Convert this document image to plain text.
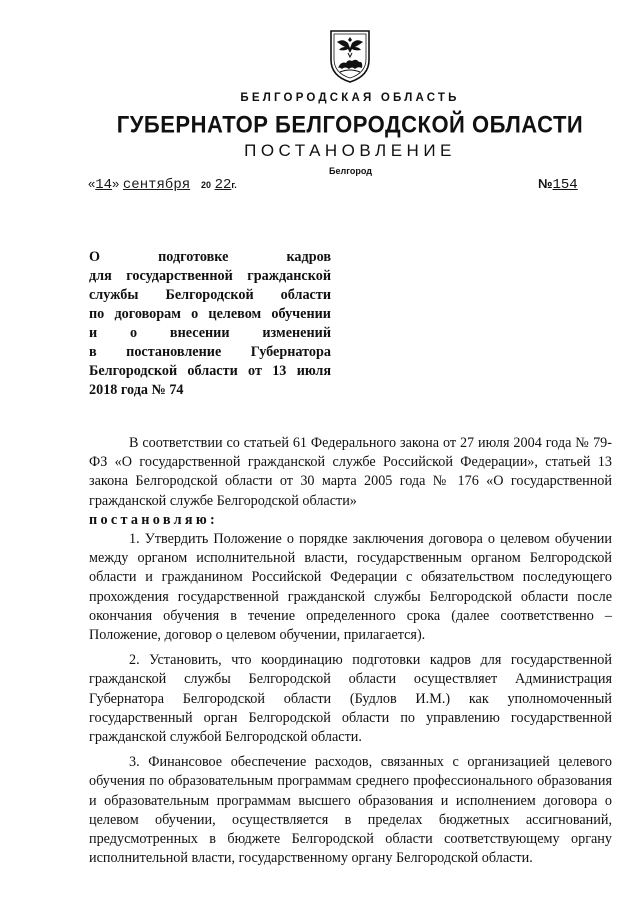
БЕЛГОРОДСКАЯ ОБЛАСТЬ
ГУБЕРНАТОР БЕЛГОРОДСКОЙ ОБЛАСТИ
ПОСТАНОВЛЕНИЕ
Белгород
«14» сентября 20 22г.	№154
О подготовке кадров
для государственной гражданской
службы Белгородской области
по договорам о целевом обучении
и о внесении изменений
в постановление Губернатора
Белгородской области от 13 июля
2018 года № 74

В соответствии со статьей 61 Федерального закона от 27 июля 2004 года № 79-ФЗ «О государственной гражданской службе Российской Федерации», статьей 13 закона Белгородской области от 30 марта 2005 года № 176 «О государственной гражданской службе Белгородской области»

постановляю:

1. Утвердить Положение о порядке заключения договора о целевом обучении между органом исполнительной власти, государственным органом Белгородской области и гражданином Российской Федерации с обязательством последующего прохождения государственной гражданской службы Белгородской области после окончания обучения в течение определенного срока (далее соответственно – Положение, договор о целевом обучении, прилагается).

2. Установить, что координацию подготовки кадров для государственной гражданской службы Белгородской области осуществляет Администрация Губернатора Белгородской области (Будлов И.М.) как уполномоченный государственный орган Белгородской области по управлению государственной гражданской службой Белгородской области.

3. Финансовое обеспечение расходов, связанных с организацией целевого обучения по образовательным программам среднего профессионального образования и образовательным программам высшего образования и исполнением договора о целевом обучении, осуществляется в пределах бюджетных ассигнований, предусмотренных в бюджете Белгородской области соответствующему органу исполнительной власти, государственному органу Белгородской области.
